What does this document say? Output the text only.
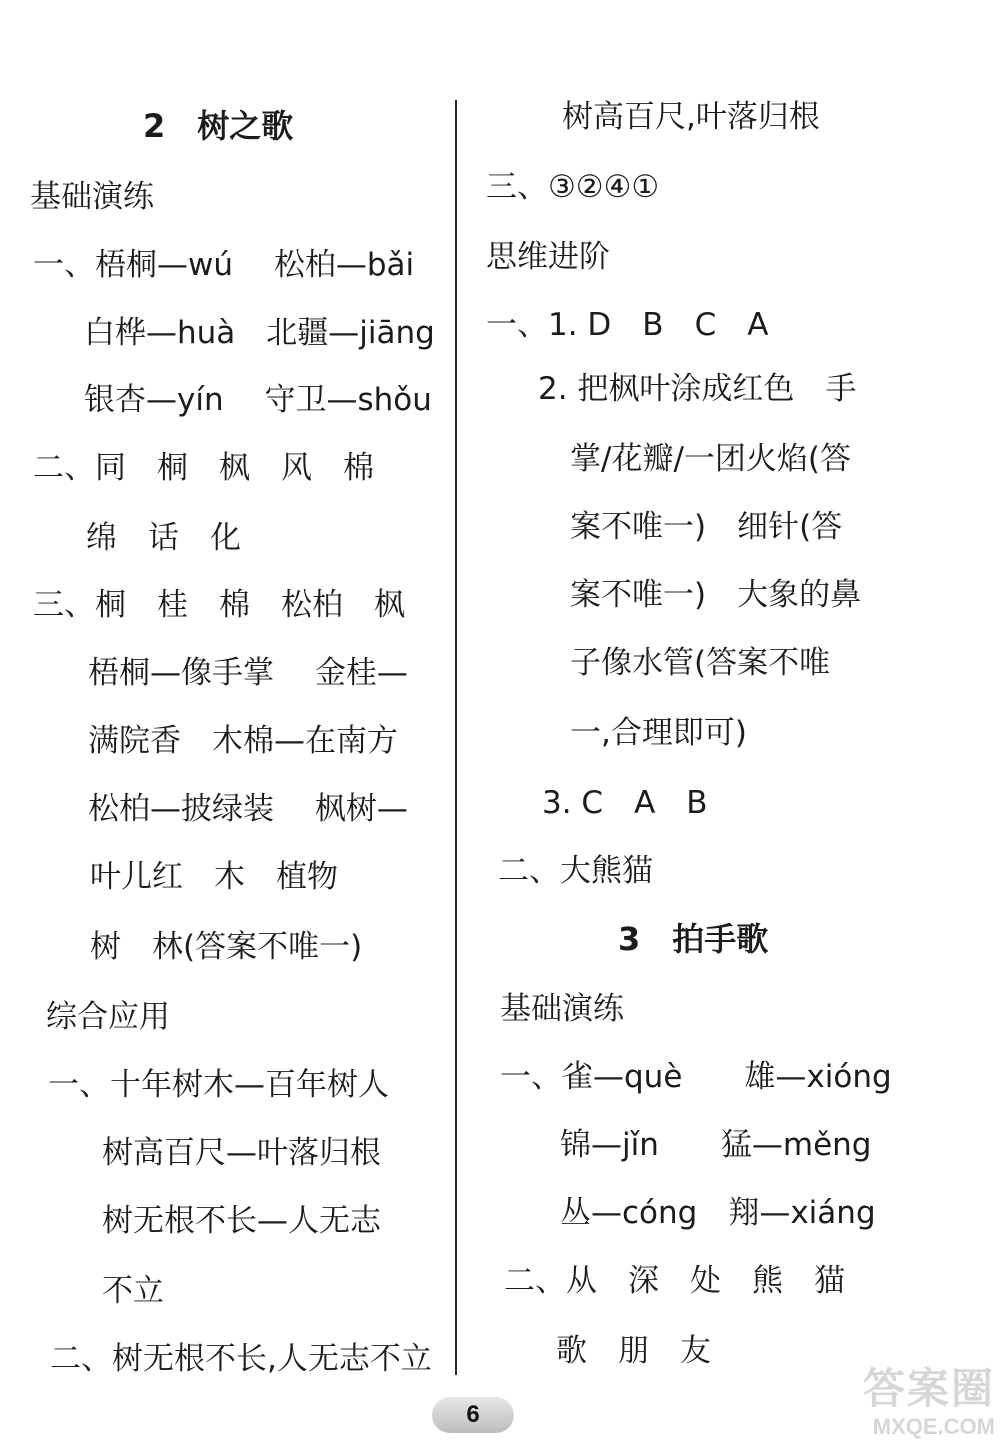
2　树之歌
基础演练
一、梧桐—wú　 松柏—bǎi
白桦—huà　北疆—jiāng
银杏—yín　 守卫—shǒu
二、同　桐　枫　风　棉
绵　话　化
三、桐　桂　棉　松柏　枫
梧桐—像手掌　 金桂—
满院香　木棉—在南方
松柏—披绿装　 枫树—
叶儿红　木　植物
树　林(答案不唯一)
综合应用
一、十年树木—百年树人
树高百尺—叶落归根
树无根不长—人无志
不立
二、树无根不长,人无志不立
树高百尺,叶落归根
三、③②④①
思维进阶
一、1. D　B　C　A
2. 把枫叶涂成红色　手
掌/花瓣/一团火焰(答
案不唯一)　细针(答
案不唯一)　大象的鼻
子像水管(答案不唯
一,合理即可)
3. C　A　B
二、大熊猫
3　拍手歌
基础演练
一、雀—què　　雄—xióng
锦—jǐn　　猛—měng
丛—cóng　翔—xiáng
二、从　深　处　熊　猫
歌　朋　友
6
答案圈
MXQE.COM
